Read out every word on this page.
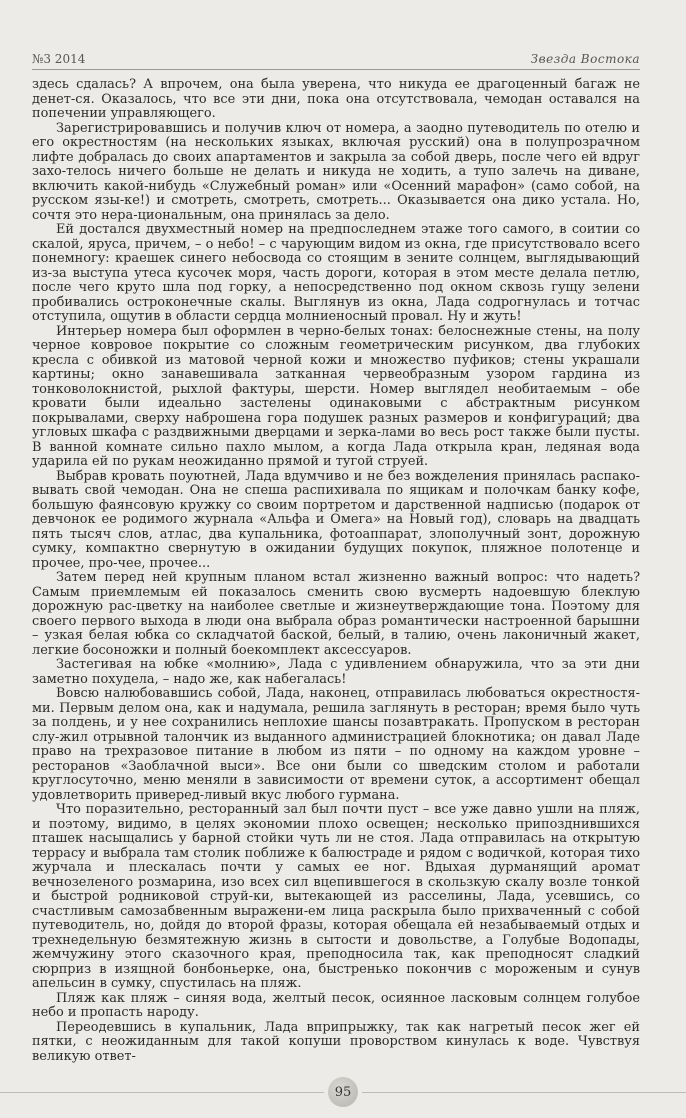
№3 2014	Звезда Востока

здесь сдалась? А впрочем, она была уверена, что никуда ее драгоценный багаж не денет-ся. Оказалось, что все эти дни, пока она отсутствовала, чемодан оставался на попечении управляющего.

Зарегистрировавшись и получив ключ от номера, а заодно путеводитель по отелю и его окрестностям (на нескольких языках, включая русский) она в полупрозрачном лифте добралась до своих апартаментов и закрыла за собой дверь, после чего ей вдруг захо-телось ничего больше не делать и никуда не ходить, а тупо залечь на диване, включить какой-нибудь «Служебный роман» или «Осенний марафон» (само собой, на русском язы-ке!) и смотреть, смотреть, смотреть... Оказывается она дико устала. Но, сочтя это нера-циональным, она принялась за дело.

Ей достался двухместный номер на предпоследнем этаже того самого, в соитии со скалой, яруса, причем, – о небо! – с чарующим видом из окна, где присутствовало всего понемногу: краешек синего небосвода со стоящим в зените солнцем, выглядывающий из-за выступа утеса кусочек моря, часть дороги, которая в этом месте делала петлю, после чего круто шла под горку, а непосредственно под окном сквозь гущу зелени пробивались остроконечные скалы. Выглянув из окна, Лада содрогнулась и тотчас отступила, ощутив в области сердца молниеносный провал. Ну и жуть!

Интерьер номера был оформлен в черно-белых тонах: белоснежные стены, на полу черное ковровое покрытие со сложным геометрическим рисунком, два глубоких кресла с обивкой из матовой черной кожи и множество пуфиков; стены украшали картины; окно занавешивала затканная червеобразным узором гардина из тонковолокнистой, рыхлой фактуры, шерсти. Номер выглядел необитаемым – обе кровати были идеально застелены одинаковыми с абстрактным рисунком покрывалами, сверху наброшена гора подушек разных размеров и конфигураций; два угловых шкафа с раздвижными дверцами и зерка-лами во весь рост также были пусты. В ванной комнате сильно пахло мылом, а когда Лада открыла кран, ледяная вода ударила ей по рукам неожиданно прямой и тугой струей.

Выбрав кровать поуютней, Лада вдумчиво и не без вожделения принялась распако-вывать свой чемодан. Она не спеша распихивала по ящикам и полочкам банку кофе, большую фаянсовую кружку со своим портретом и дарственной надписью (подарок от девчонок ее родимого журнала «Альфа и Омега» на Новый год), словарь на двадцать пять тысяч слов, атлас, два купальника, фотоаппарат, злополучный зонт, дорожную сумку, компактно свернутую в ожидании будущих покупок, пляжное полотенце и прочее, про-чее, прочее...

Затем перед ней крупным планом встал жизненно важный вопрос: что надеть? Самым приемлемым ей показалось сменить свою вусмерть надоевшую блеклую дорожную рас-цветку на наиболее светлые и жизнеутверждающие тона. Поэтому для своего первого выхода в люди она выбрала образ романтически настроенной барышни – узкая белая юбка со складчатой баской, белый, в талию, очень лаконичный жакет, легкие босоножки и полный боекомплект аксессуаров.

Застегивая на юбке «молнию», Лада с удивлением обнаружила, что за эти дни заметно похудела, – надо же, как набегалась!

Вовсю налюбовавшись собой, Лада, наконец, отправилась любоваться окрестностя-ми. Первым делом она, как и надумала, решила заглянуть в ресторан; время было чуть за полдень, и у нее сохранились неплохие шансы позавтракать. Пропуском в ресторан слу-жил отрывной талончик из выданного администрацией блокнотика; он давал Ладе право на трехразовое питание в любом из пяти – по одному на каждом уровне – ресторанов «Заоблачной выси». Все они были со шведским столом и работали круглосуточно, меню меняли в зависимости от времени суток, а ассортимент обещал удовлетворить приверед-ливый вкус любого гурмана.

Что поразительно, ресторанный зал был почти пуст – все уже давно ушли на пляж, и поэтому, видимо, в целях экономии плохо освещен; несколько припозднившихся пташек насыщались у барной стойки чуть ли не стоя. Лада отправилась на открытую террасу и выбрала там столик поближе к балюстраде и рядом с водичкой, которая тихо журчала и плескалась почти у самых ее ног. Вдыхая дурманящий аромат вечнозеленого розмарина, изо всех сил вцепившегося в скользкую скалу возле тонкой и быстрой родниковой струй-ки, вытекающей из расселины, Лада, усевшись, со счастливым самозабвенным выражени-ем лица раскрыла было прихваченный с собой путеводитель, но, дойдя до второй фразы, которая обещала ей незабываемый отдых и трехнедельную безмятежную жизнь в сытости и довольстве, а Голубые Водопады, жемчужину этого сказочного края, преподносила так, как преподносят сладкий сюрприз в изящной бонбоньерке, она, быстренько покончив с мороженым и сунув апельсин в сумку, спустилась на пляж.

Пляж как пляж – синяя вода, желтый песок, осиянное ласковым солнцем голубое небо и пропасть народу.

Переодевшись в купальник, Лада вприпрыжку, так как нагретый песок жег ей пятки, с неожиданным для такой копуши проворством кинулась к воде. Чувствуя великую ответ-

95
